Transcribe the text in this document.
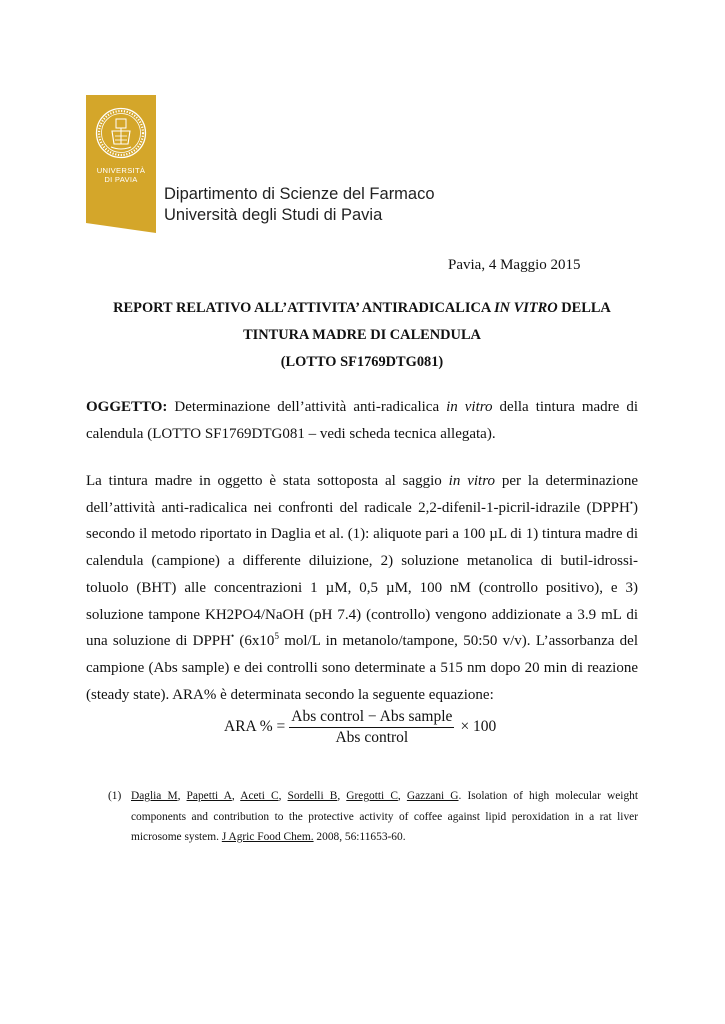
UNIVERSITÀ
DI PAVIA
Dipartimento di Scienze del Farmaco
Università degli Studi di Pavia
Pavia, 4 Maggio 2015
REPORT RELATIVO ALL’ATTIVITA’ ANTIRADICALICA IN VITRO DELLA
TINTURA MADRE DI CALENDULA
(LOTTO SF1769DTG081)
OGGETTO: Determinazione dell’attività anti-radicalica in vitro della tintura madre di calendula (LOTTO SF1769DTG081 – vedi scheda tecnica allegata).
La tintura madre in oggetto è stata sottoposta al saggio in vitro per la determinazione dell’attività anti-radicalica nei confronti del radicale 2,2-difenil-1-picril-idrazile (DPPH•) secondo il metodo riportato in Daglia et al. (1): aliquote pari a 100 µL di 1) tintura madre di calendula (campione) a differente diluizione, 2) soluzione metanolica di butil-idrossi-toluolo (BHT) alle concentrazioni 1 µM, 0,5 µM, 100 nM (controllo positivo), e 3) soluzione tampone KH2PO4/NaOH (pH 7.4) (controllo) vengono addizionate a 3.9 mL di una soluzione di DPPH• ($6x10^5$ mol/L in metanolo/tampone, 50:50 v/v). L’assorbanza del campione (Abs sample) e dei controlli sono determinate a 515 nm dopo 20 min di reazione (steady state). ARA% è determinata secondo la seguente equazione:
ARA % = $\frac{\text{Abs control − Abs sample}}{\text{Abs control}} \times 100$
(1) Daglia M, Papetti A, Aceti C, Sordelli B, Gregotti C, Gazzani G. Isolation of high molecular weight components and contribution to the protective activity of coffee against lipid peroxidation in a rat liver microsome system. J Agric Food Chem. 2008, 56:11653-60.
